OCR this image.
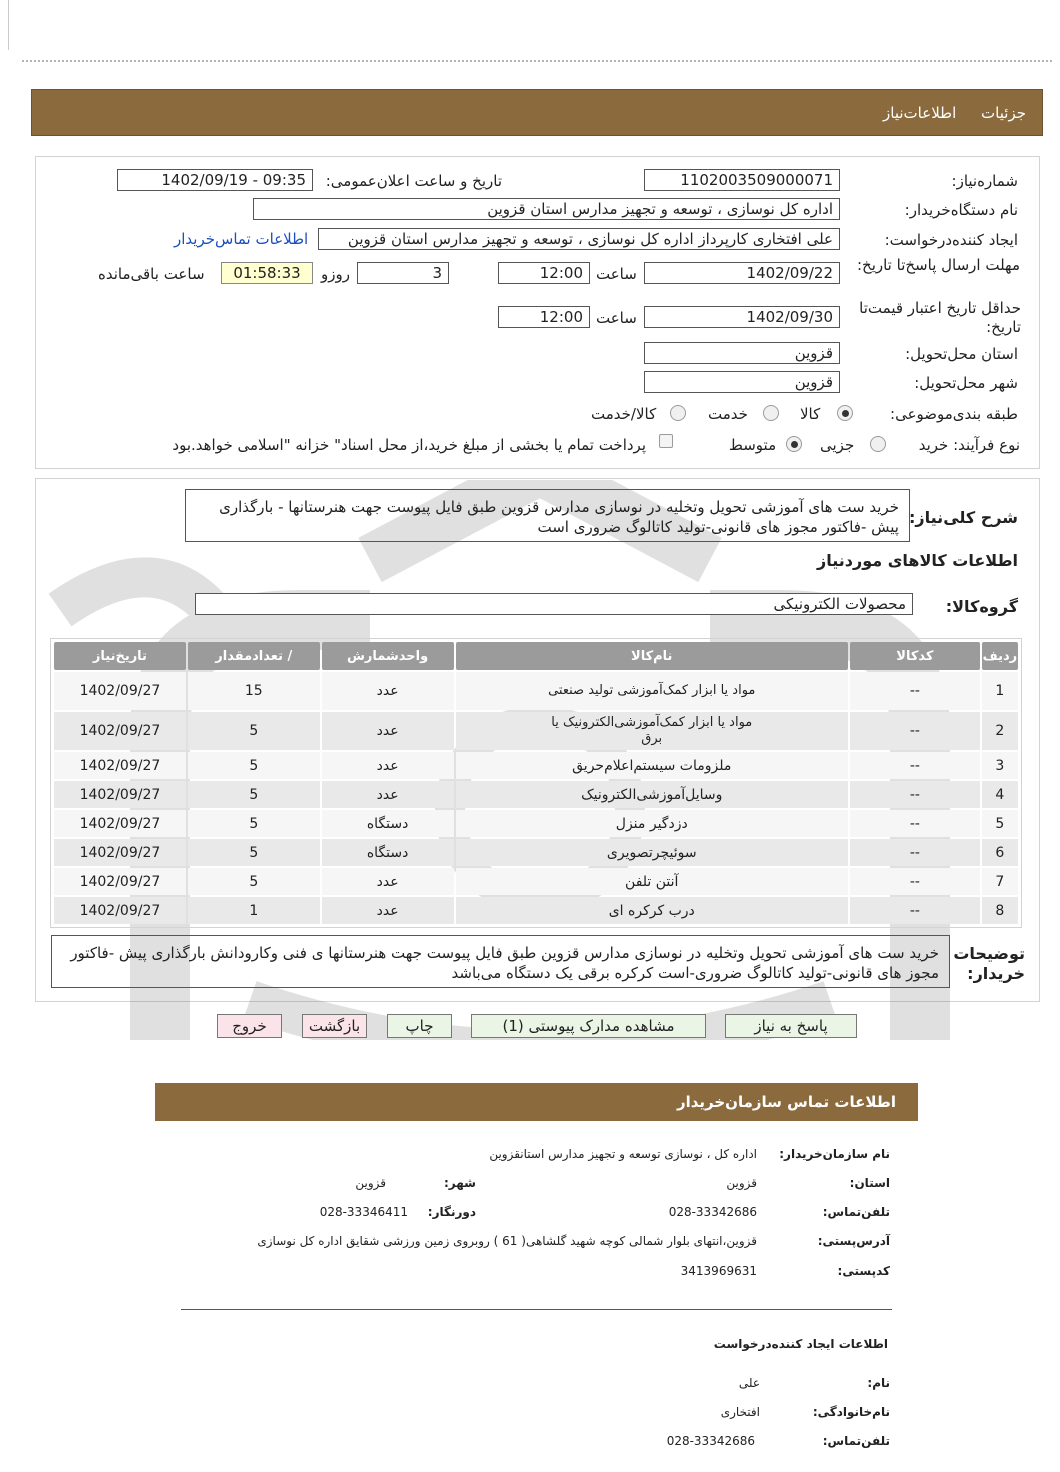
جزئیات اطلاعات‌نیاز
شماره‌نیاز:
1102003509000071
تاریخ و ساعت اعلان‌عمومی:
1402/09/19 - 09:35
نام دستگاه‌خریدار:
اداره کل نوسازی ، توسعه و تجهیز مدارس استان قزوین
ایجاد کننده‌درخواست:
علی افتخاری کارپرداز اداره کل نوسازی ، توسعه و تجهیز مدارس استان قزوین
اطلاعات تماس‌خریدار
مهلت ارسال پاسخ‌تا تاریخ:
1402/09/22
ساعت
12:00
3
روزو
01:58:33
ساعت باقی‌مانده
حداقل تاریخ اعتبار قیمت‌تا تاریخ:
1402/09/30
ساعت
12:00
استان محل‌تحویل:
قزوین
شهر محل‌تحویل:
قزوین
طبقه بندی‌موضوعی:
کالا
خدمت
کالا/خدمت
نوع فرآیند: خرید
جزیی
متوسط
پرداخت تمام یا بخشی از مبلغ خرید،از محل اسناد" خزانه "اسلامی خواهد.بود
شرح کلی‌نیاز:
خرید ست های آموزشی تحویل وتخلیه در نوسازی مدارس قزوین طبق فایل پیوست جهت هنرستانها - بارگذاری پیش -فاکتور مجوز های قانونی-تولید کاتالوگ ضروری است
اطلاعات کالاهای موردنیاز
گروه‌کالا:
محصولات الکترونیکی
ردیف	کدکالا	نام‌کالا	واحدشمارش	/ تعدادمقدار	تاریخ‌نیاز
1	--	مواد یا ابزار کمک‌آموزشی تولید صنعتی	عدد	15	1402/09/27
2	--	مواد یا ابزار کمک‌آموزشی‌الکترونیک یا برق	عدد	5	1402/09/27
3	--	ملزومات سیستم‌اعلام‌حریق	عدد	5	1402/09/27
4	--	وسایل‌آموزشی‌الکترونیک	عدد	5	1402/09/27
5	--	دزدگیر منزل	دستگاه	5	1402/09/27
6	--	سوئیچرتصویری	دستگاه	5	1402/09/27
7	--	آنتن تلفن	عدد	5	1402/09/27
8	--	درب کرکره ای	عدد	1	1402/09/27
توضیحات خریدار:
خرید ست های آموزشی تحویل وتخلیه در نوسازی مدارس قزوین طبق فایل پیوست جهت هنرستانها ی فنی وکارودانش بارگذاری پیش -فاکتور مجوز های قانونی-تولید کاتالوگ ضروری-است کرکره برقی یک دستگاه می‌باشد
پاسخ به نیاز
مشاهده مدارک پیوستی (1)
چاپ
بازگشت
خروج
اطلاعات تماس سازمان‌خریدار
نام سازمان‌خریدار:
اداره کل ، نوسازی توسعه و تجهیز مدارس استانقزوین
استان:
قزوین
شهر:
قزوین
تلفن‌تماس:
028-33342686
دورنگار:
028-33346411
آدرس‌پستی:
قزوین،انتهای بلوار شمالی کوچه شهید گلشاهی( 61 ) روبروی زمین ورزشی شقایق اداره کل نوسازی
کد‌پستی:
3413969631
اطلاعات ایجاد کننده‌درخواست
نام:
علی
نام‌خانوادگی:
افتخاری
تلفن‌تماس:
028-33342686
